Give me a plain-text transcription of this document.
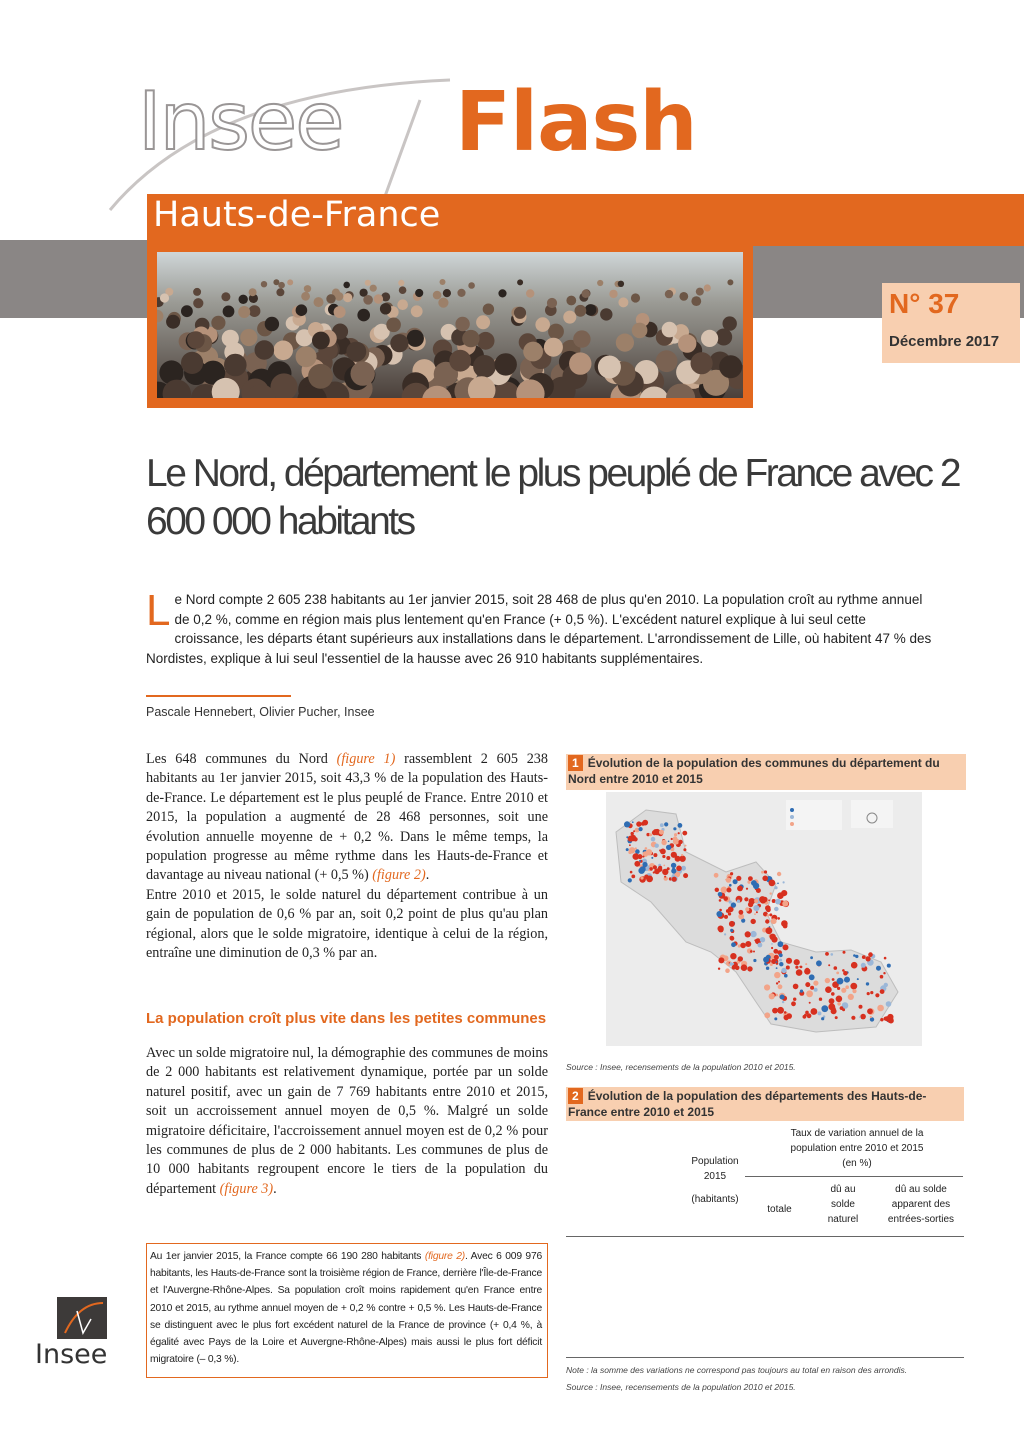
Insee Flash
Hauts-de-France
N° 37
Décembre 2017
Le Nord, département le plus peuplé de France avec 2 600 000 habitants
Le Nord compte 2 605 238 habitants au 1er janvier 2015, soit 28 468 de plus qu'en 2010. La population croît au rythme annuel de 0,2 %, comme en région mais plus lentement qu'en France (+ 0,5 %). L'excédent naturel explique à lui seul cette croissance, les départs étant supérieurs aux installations dans le département. L'arrondissement de Lille, où habitent 47 % des Nordistes, explique à lui seul l'essentiel de la hausse avec 26 910 habitants supplémentaires.
Pascale Hennebert, Olivier Pucher, Insee
Les 648 communes du Nord (figure 1) rassemblent 2 605 238 habitants au 1er janvier 2015, soit 43,3 % de la population des Hauts-de-France. Le département est le plus peuplé de France. Entre 2010 et 2015, la population a augmenté de 28 468 personnes, soit une évolution annuelle moyenne de + 0,2 %. Dans le même temps, la population progresse au même rythme dans les Hauts-de-France et davantage au niveau national (+ 0,5 %) (figure 2).
Entre 2010 et 2015, le solde naturel du département contribue à un gain de population de 0,6 % par an, soit 0,2 point de plus qu'au plan régional, alors que le solde migratoire, identique à celui de la région, entraîne une diminution de 0,3 % par an.
La population croît plus vite dans les petites communes
Avec un solde migratoire nul, la démographie des communes de moins de 2 000 habitants est relativement dynamique, portée par un solde naturel positif, avec un gain de 7 769 habitants entre 2010 et 2015, soit un accroissement annuel moyen de 0,5 %. Malgré un solde migratoire déficitaire, l'accroissement annuel moyen est de 0,2 % pour les communes de plus de 2 000 habitants. Les communes de plus de 10 000 habitants regroupent encore le tiers de la population du département (figure 3).
Au 1er janvier 2015, la France compte 66 190 280 habitants (figure 2). Avec 6 009 976 habitants, les Hauts-de-France sont la troisième région de France, derrière l'Île-de-France et l'Auvergne-Rhône-Alpes. Sa population croît moins rapidement qu'en France entre 2010 et 2015, au rythme annuel moyen de + 0,2 % contre + 0,5 %. Les Hauts-de-France se distinguent avec le plus fort excédent naturel de la France de province (+ 0,4 %, à égalité avec Pays de la Loire et Auvergne-Rhône-Alpes) mais aussi le plus fort déficit migratoire (– 0,3 %).
Insee
1 Évolution de la population des communes du département du Nord entre 2010 et 2015
Source : Insee, recensements de la population 2010 et 2015.
2 Évolution de la population des départements des Hauts-de-France entre 2010 et 2015
Population 2015
(habitants)
Taux de variation annuel de la population entre 2010 et 2015 (en %)
totale
dû au solde naturel
dû au solde apparent des entrées-sorties
Note : la somme des variations ne correspond pas toujours au total en raison des arrondis.
Source : Insee, recensements de la population 2010 et 2015.
